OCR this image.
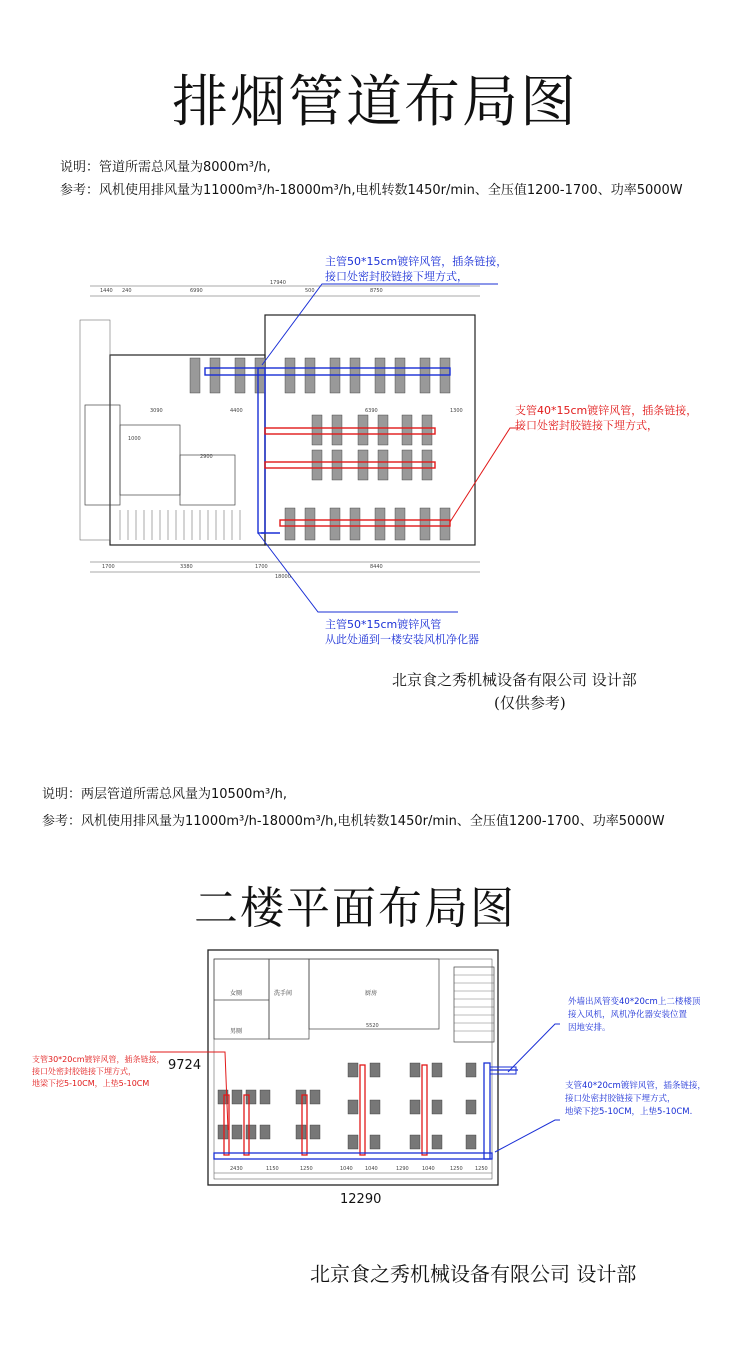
排烟管道布局图
说明：管道所需总风量为8000m³/h,
参考：风机使用排风量为11000m³/h-18000m³/h,电机转数1450r/min、全压值1200-1700、功率5000W
1440 240	6990
17940
500	8750
1700	3380	1700
18000
8440
3090	4400	6390	1300
2900
1000
主管50*15cm镀锌风管，插条链接，
接口处密封胶链接下埋方式，
支管40*15cm镀锌风管，插条链接，
接口处密封胶链接下埋方式，
主管50*15cm镀锌风管
从此处通到一楼安装风机净化器
北京食之秀机械设备有限公司 设计部
(仅供参考)
说明：两层管道所需总风量为10500m³/h,
参考：风机使用排风量为11000m³/h-18000m³/h,电机转数1450r/min、全压值1200-1700、功率5000W
二楼平面布局图
2430	1150	1250	1040 1040	1290	1040	1250 1250
5520
女厕
男厕
洗手间	厨房
支管30*20cm镀锌风管，插条链接，
接口处密封胶链接下埋方式，
地梁下挖5-10CM，上垫5-10CM
外墙出风管变40*20cm上二楼楼顶
接入风机，风机净化器安装位置
因地安排。
支管40*20cm镀锌风管，插条链接，
接口处密封胶链接下埋方式，
地梁下挖5-10CM，上垫5-10CM.
9724
12290
北京食之秀机械设备有限公司 设计部
